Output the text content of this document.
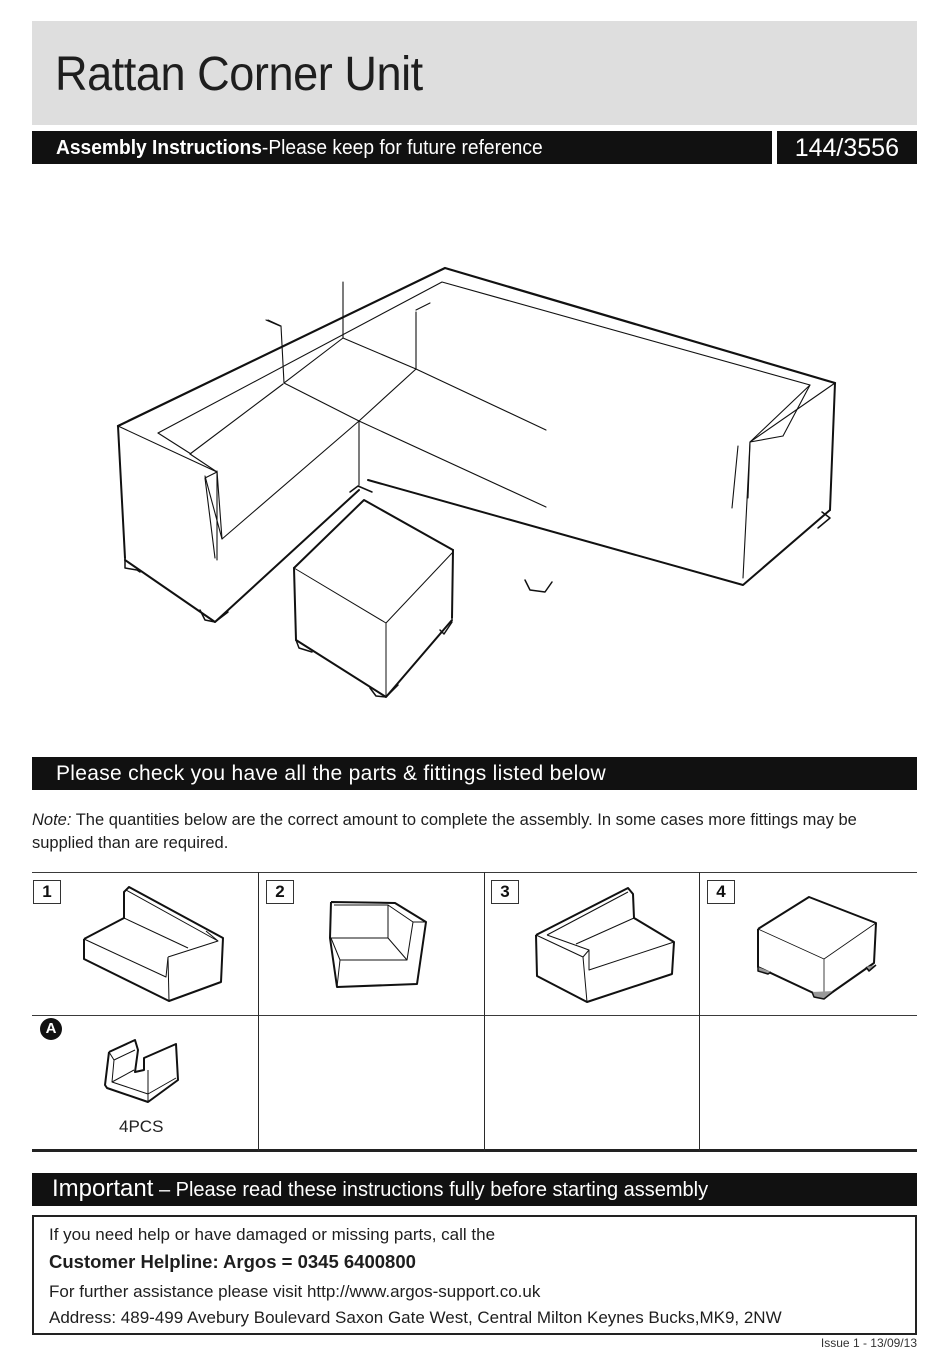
Rattan Corner Unit
Assembly Instructions-Please keep for future reference	144/3556
Please check you have all the parts & fittings listed below
Note: The quantities below are the correct amount to complete the assembly. In some cases more fittings may be supplied than are required.
1	2	3	4
A
4PCS
Important – Please read these instructions fully before starting assembly
If you need help or have damaged or missing parts, call the
Customer Helpline: Argos = 0345 6400800
For further assistance please visit http://www.argos-support.co.uk
Address: 489-499 Avebury Boulevard Saxon Gate West, Central Milton Keynes Bucks,MK9, 2NW
Issue 1 - 13/09/13
